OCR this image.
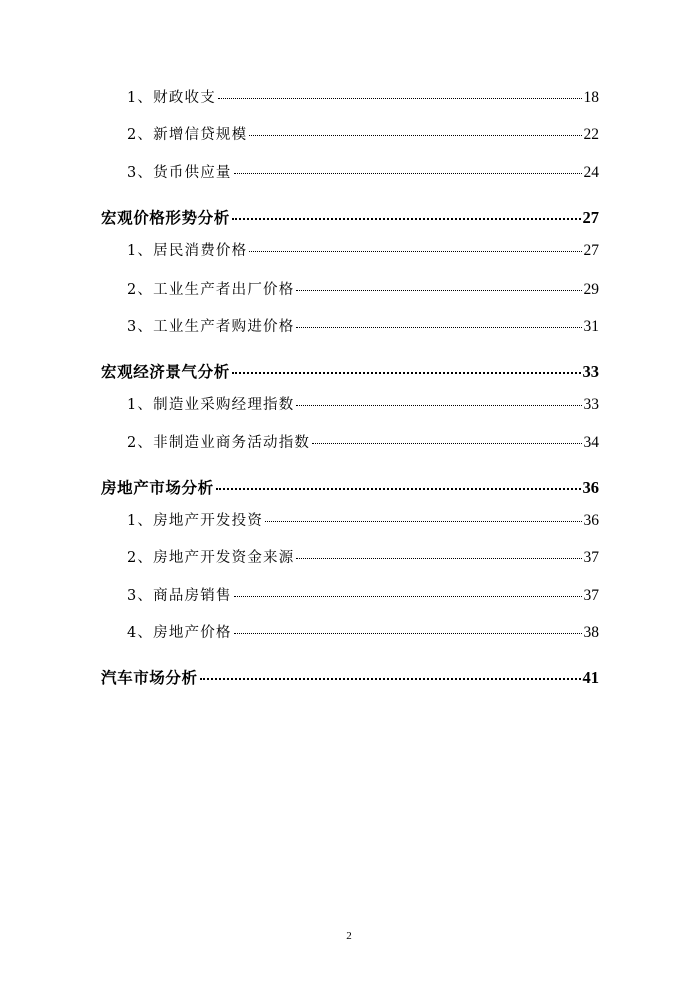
1、财政收支	18
2、新增信贷规模	22
3、货币供应量	24
宏观价格形势分析	27
1、居民消费价格	27
2、工业生产者出厂价格	29
3、工业生产者购进价格	31
宏观经济景气分析	33
1、制造业采购经理指数	33
2、非制造业商务活动指数	34
房地产市场分析	36
1、房地产开发投资	36
2、房地产开发资金来源	37
3、商品房销售	37
4、房地产价格	38
汽车市场分析	41
2
